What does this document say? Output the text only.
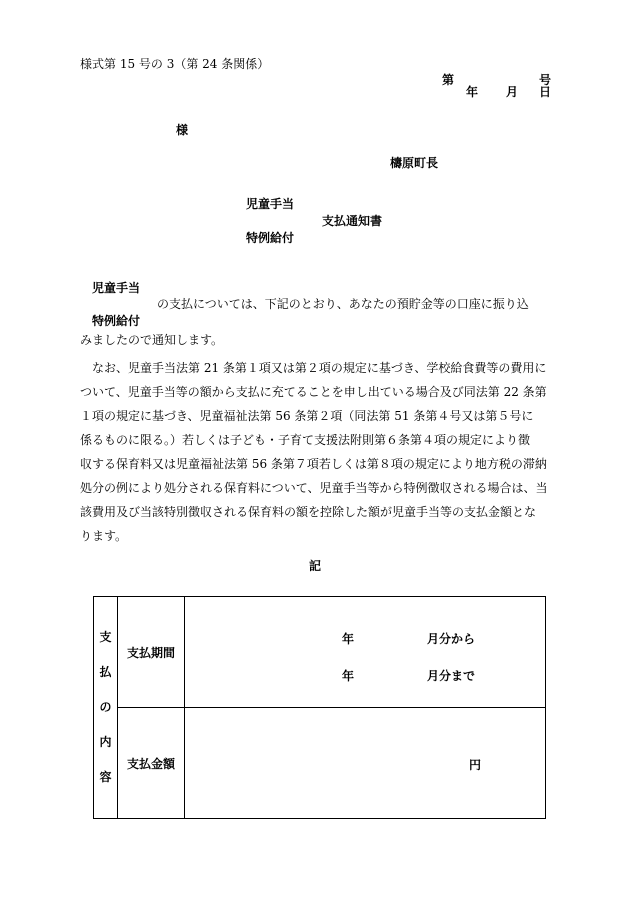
様式第 15 号の 3（第 24 条関係）
第	号
年 月 日
様
檮原町長
児童手当
支払通知書
特例給付
児童手当
の支払については、下記のとおり、あなたの預貯金等の口座に振り込
特例給付
みましたので通知します。
なお、児童手当法第 21 条第１項又は第２項の規定に基づき、学校給食費等の費用に
ついて、児童手当等の額から支払に充てることを申し出ている場合及び同法第 22 条第
１項の規定に基づき、児童福祉法第 56 条第２項（同法第 51 条第４号又は第５号に
係るものに限る。）若しくは子ども・子育て支援法附則第６条第４項の規定により徴
収する保育料又は児童福祉法第 56 条第７項若しくは第８項の規定により地方税の滞納
処分の例により処分される保育料について、児童手当等から特例徴収される場合は、当
該費用及び当該特別徴収される保育料の額を控除した額が児童手当等の支払金額とな
ります。
記
支
払
の
内
容	支払期間	年 月分から
年 月分まで

	支払金額	円
